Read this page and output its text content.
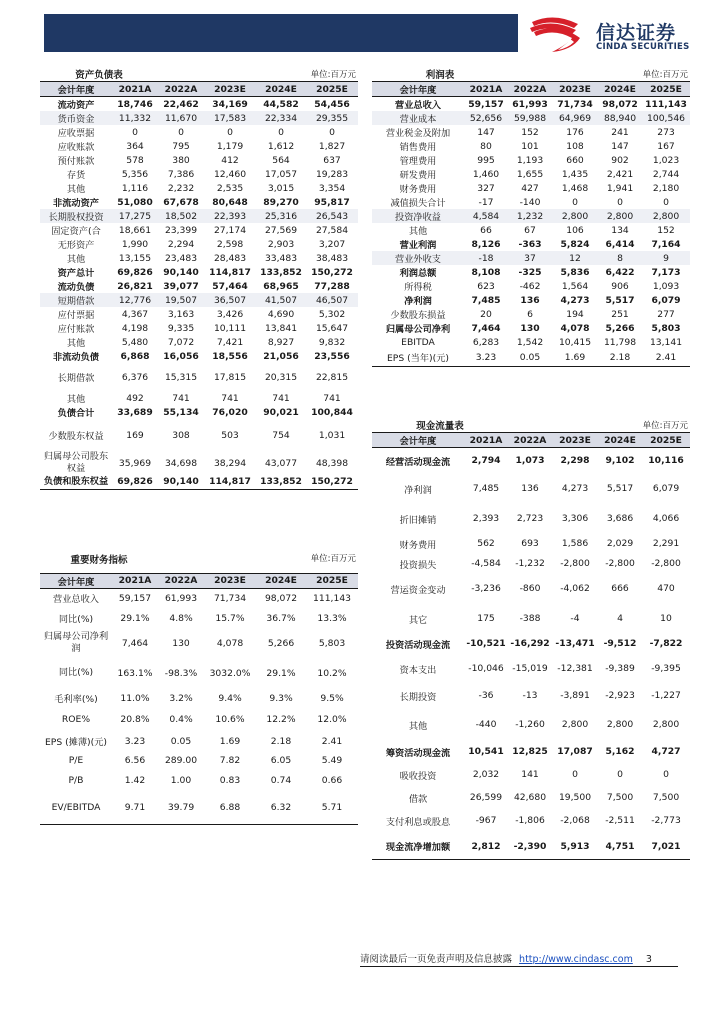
信达证券
CINDA SECURITIES
资产负债表		单位:百万元			
会计年度	2021A	2022A	2023E	2024E	2025E
流动资产	18,746	22,462	34,169	44,582	54,456
货币资金	11,332	11,670	17,583	22,334	29,355
应收票据	0	0	0	0	0
应收账款	364	795	1,179	1,612	1,827
预付账款	578	380	412	564	637
存货	5,356	7,386	12,460	17,057	19,283
其他	1,116	2,232	2,535	3,015	3,354
非流动资产	51,080	67,678	80,648	89,270	95,817
长期股权投资	17,275	18,502	22,393	25,316	26,543
固定资产(合	18,661	23,399	27,174	27,569	27,584
无形资产	1,990	2,294	2,598	2,903	3,207
其他	13,155	23,483	28,483	33,483	38,483
资产总计	69,826	90,140	114,817	133,852	150,272
流动负债	26,821	39,077	57,464	68,965	77,288
短期借款	12,776	19,507	36,507	41,507	46,507
应付票据	4,367	3,163	3,426	4,690	5,302
应付账款	4,198	9,335	10,111	13,841	15,647
其他	5,480	7,072	7,421	8,927	9,832
非流动负债	6,868	16,056	18,556	21,056	23,556
长期借款	6,376	15,315	17,815	20,315	22,815
其他	492	741	741	741	741
负债合计	33,689	55,134	76,020	90,021	100,844
少数股东权益	169	308	503	754	1,031
归属母公司股东权益	35,969	34,698	38,294	43,077	48,398
负债和股东权益	69,826	90,140	114,817	133,852	150,272
重要财务指标		单位:百万元			
会计年度	2021A	2022A	2023E	2024E	2025E
营业总收入	59,157	61,993	71,734	98,072	111,143
同比(%)	29.1%	4.8%	15.7%	36.7%	13.3%
归属母公司净利润	7,464	130	4,078	5,266	5,803
同比(%)	163.1%	-98.3%	3032.0%	29.1%	10.2%
毛利率(%)	11.0%	3.2%	9.4%	9.3%	9.5%
ROE%	20.8%	0.4%	10.6%	12.2%	12.0%
EPS (摊薄)(元)	3.23	0.05	1.69	2.18	2.41
P/E	6.56	289.00	7.82	6.05	5.49
P/B	1.42	1.00	0.83	0.74	0.66
EV/EBITDA	9.71	39.79	6.88	6.32	5.71
利润表		单位:百万元			
会计年度	2021A	2022A	2023E	2024E	2025E
营业总收入	59,157	61,993	71,734	98,072	111,143
营业成本	52,656	59,988	64,969	88,940	100,546
营业税金及附加	147	152	176	241	273
销售费用	80	101	108	147	167
管理费用	995	1,193	660	902	1,023
研发费用	1,460	1,655	1,435	2,421	2,744
财务费用	327	427	1,468	1,941	2,180
减值损失合计	-17	-140	0	0	0
投资净收益	4,584	1,232	2,800	2,800	2,800
其他	66	67	106	134	152
营业利润	8,126	-363	5,824	6,414	7,164
营业外收支	-18	37	12	8	9
利润总额	8,108	-325	5,836	6,422	7,173
所得税	623	-462	1,564	906	1,093
净利润	7,485	136	4,273	5,517	6,079
少数股东损益	20	6	194	251	277
归属母公司净利	7,464	130	4,078	5,266	5,803
EBITDA	6,283	1,542	10,415	11,798	13,141
EPS (当年)(元)	3.23	0.05	1.69	2.18	2.41
现金流量表		单位:百万元			
会计年度	2021A	2022A	2023E	2024E	2025E
经营活动现金流	2,794	1,073	2,298	9,102	10,116
净利润	7,485	136	4,273	5,517	6,079
折旧摊销	2,393	2,723	3,306	3,686	4,066
财务费用	562	693	1,586	2,029	2,291
投资损失	-4,584	-1,232	-2,800	-2,800	-2,800
营运资金变动	-3,236	-860	-4,062	666	470
其它	175	-388	-4	4	10
投资活动现金流	-10,521	-16,292	-13,471	-9,512	-7,822
资本支出	-10,046	-15,019	-12,381	-9,389	-9,395
长期投资	-36	-13	-3,891	-2,923	-1,227
其他	-440	-1,260	2,800	2,800	2,800
筹资活动现金流	10,541	12,825	17,087	5,162	4,727
吸收投资	2,032	141	0	0	0
借款	26,599	42,680	19,500	7,500	7,500
支付利息或股息	-967	-1,806	-2,068	-2,511	-2,773
现金流净增加额	2,812	-2,390	5,913	4,751	7,021
请阅读最后一页免责声明及信息披露 http://www.cindasc.com 3
